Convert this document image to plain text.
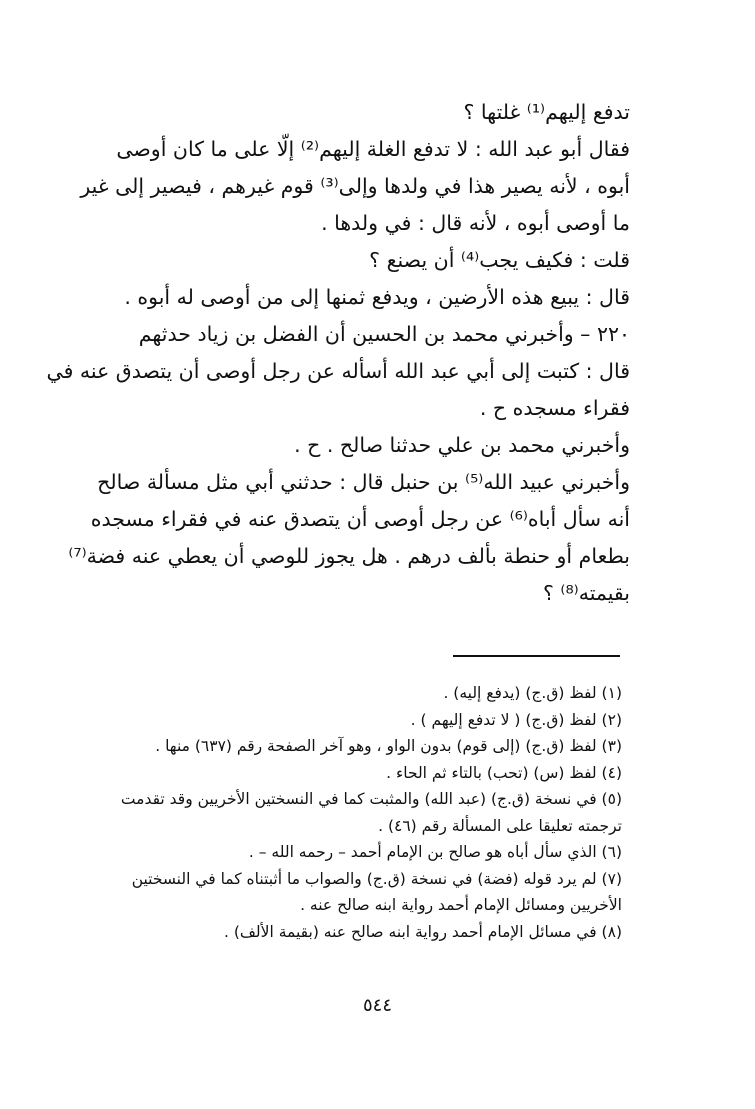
تدفع إليهم⁽¹⁾ غلتها ؟
فقال أبو عبد الله : لا تدفع الغلة إليهم⁽²⁾ إلّا على ما كان أوصى
أبوه ، لأنه يصير هذا في ولدها وإلى⁽³⁾ قوم غيرهم ، فيصير إلى غير
ما أوصى أبوه ، لأنه قال : في ولدها .
قلت : فكيف يجب⁽⁴⁾ أن يصنع ؟
قال : يبيع هذه الأرضين ، ويدفع ثمنها إلى من أوصى له أبوه .
٢٢٠ – وأخبرني محمد بن الحسين أن الفضل بن زياد حدثهم
قال : كتبت إلى أبي عبد الله أسأله عن رجل أوصى أن يتصدق عنه في
فقراء مسجده ح .
وأخبرني محمد بن علي حدثنا صالح . ح .
وأخبرني عبيد الله⁽⁵⁾ بن حنبل قال : حدثني أبي مثل مسألة صالح
أنه سأل أباه⁽⁶⁾ عن رجل أوصى أن يتصدق عنه في فقراء مسجده
بطعام أو حنطة بألف درهم . هل يجوز للوصي أن يعطي عنه فضة⁽⁷⁾
بقيمته⁽⁸⁾ ؟
(١) لفظ (ق.ج) (يدفع إليه) .
(٢) لفظ (ق.ج) ( لا تدفع إليهم ) .
(٣) لفظ (ق.ج) (إلى قوم) بدون الواو ، وهو آخر الصفحة رقم (٦٣٧) منها .
(٤) لفظ (س) (تحب) بالتاء ثم الحاء .
(٥) في نسخة (ق.ج) (عبد الله) والمثبت كما في النسختين الأخريين وقد تقدمت
ترجمته تعليقا على المسألة رقم (٤٦) .
(٦) الذي سأل أباه هو صالح بن الإمام أحمد – رحمه الله – .
(٧) لم يرد قوله (فضة) في نسخة (ق.ج) والصواب ما أثبتناه كما في النسختين
الأخريين ومسائل الإمام أحمد رواية ابنه صالح عنه .
(٨) في مسائل الإمام أحمد رواية ابنه صالح عنه (بقيمة الألف) .
٥٤٤
